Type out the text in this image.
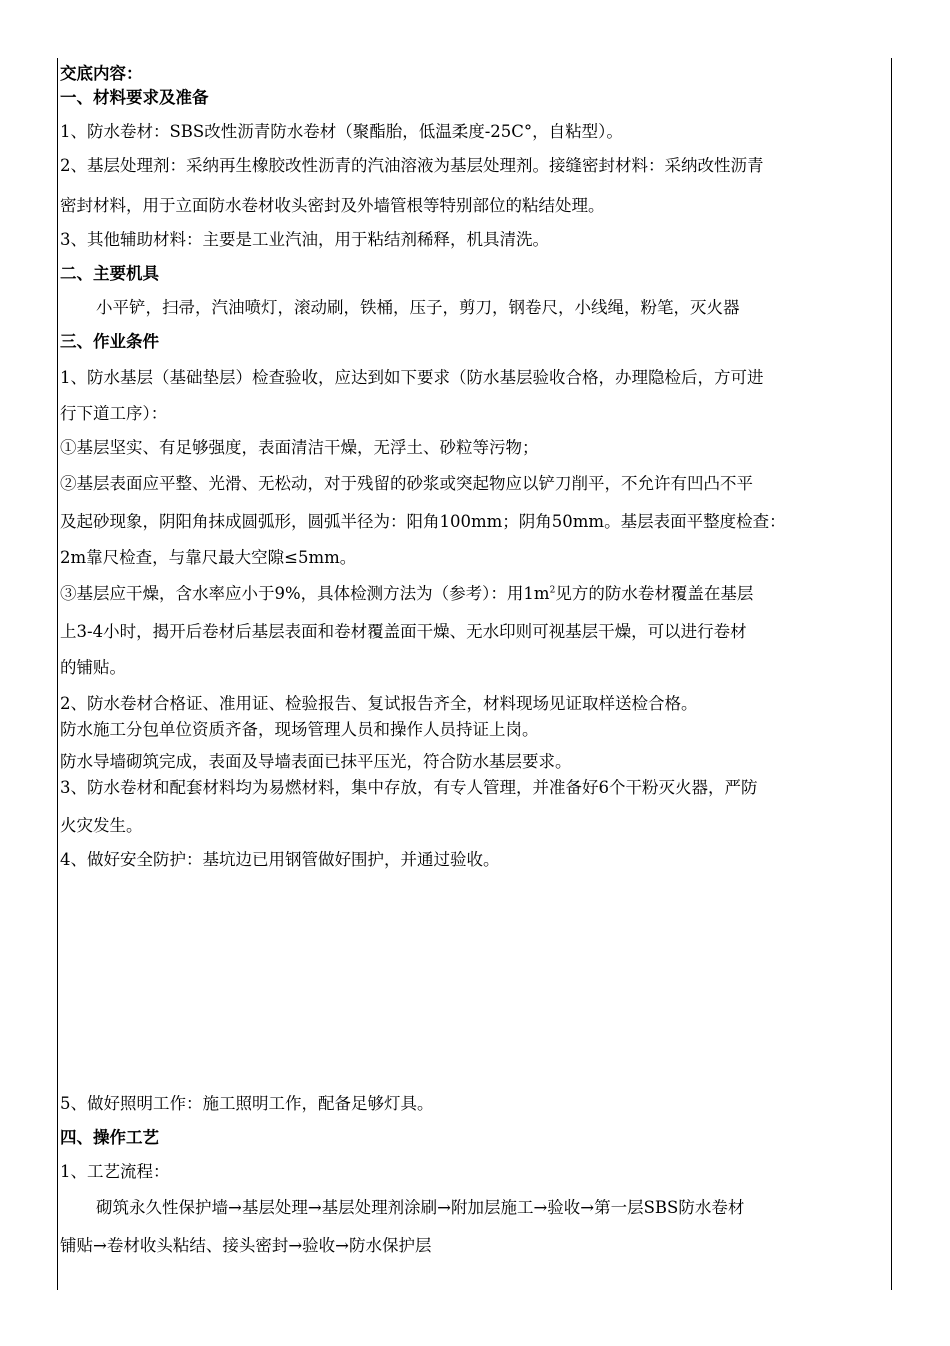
交底内容：
一、材料要求及准备
1、防水卷材：SBS改性沥青防水卷材（聚酯胎，低温柔度-25C°，自粘型）。
2、基层处理剂：采纳再生橡胶改性沥青的汽油溶液为基层处理剂。接缝密封材料：采纳改性沥青
密封材料，用于立面防水卷材收头密封及外墙管根等特别部位的粘结处理。
3、其他辅助材料：主要是工业汽油，用于粘结剂稀释，机具清洗。
二、主要机具
小平铲，扫帚，汽油喷灯，滚动刷，铁桶，压子，剪刀，钢卷尺，小线绳，粉笔，灭火器
三、作业条件
1、防水基层（基础垫层）检查验收，应达到如下要求（防水基层验收合格，办理隐检后，方可进
行下道工序）：
①基层坚实、有足够强度，表面清洁干燥，无浮土、砂粒等污物；
②基层表面应平整、光滑、无松动，对于残留的砂浆或突起物应以铲刀削平，不允许有凹凸不平
及起砂现象，阴阳角抹成圆弧形，圆弧半径为：阳角100mm；阴角50mm。基层表面平整度检查：
2m靠尺检查，与靠尺最大空隙≤5mm。
③基层应干燥，含水率应小于9%，具体检测方法为（参考）：用$1m^2$见方的防水卷材覆盖在基层
上3-4小时，揭开后卷材后基层表面和卷材覆盖面干燥、无水印则可视基层干燥，可以进行卷材
的铺贴。
2、防水卷材合格证、准用证、检验报告、复试报告齐全，材料现场见证取样送检合格。
防水施工分包单位资质齐备，现场管理人员和操作人员持证上岗。
防水导墙砌筑完成，表面及导墙表面已抹平压光，符合防水基层要求。
3、防水卷材和配套材料均为易燃材料，集中存放，有专人管理，并准备好6个干粉灭火器，严防
火灾发生。
4、做好安全防护：基坑边已用钢管做好围护，并通过验收。
5、做好照明工作：施工照明工作，配备足够灯具。
四、操作工艺
1、工艺流程：
砌筑永久性保护墙→基层处理→基层处理剂涂刷→附加层施工→验收→第一层SBS防水卷材
铺贴→卷材收头粘结、接头密封→验收→防水保护层
